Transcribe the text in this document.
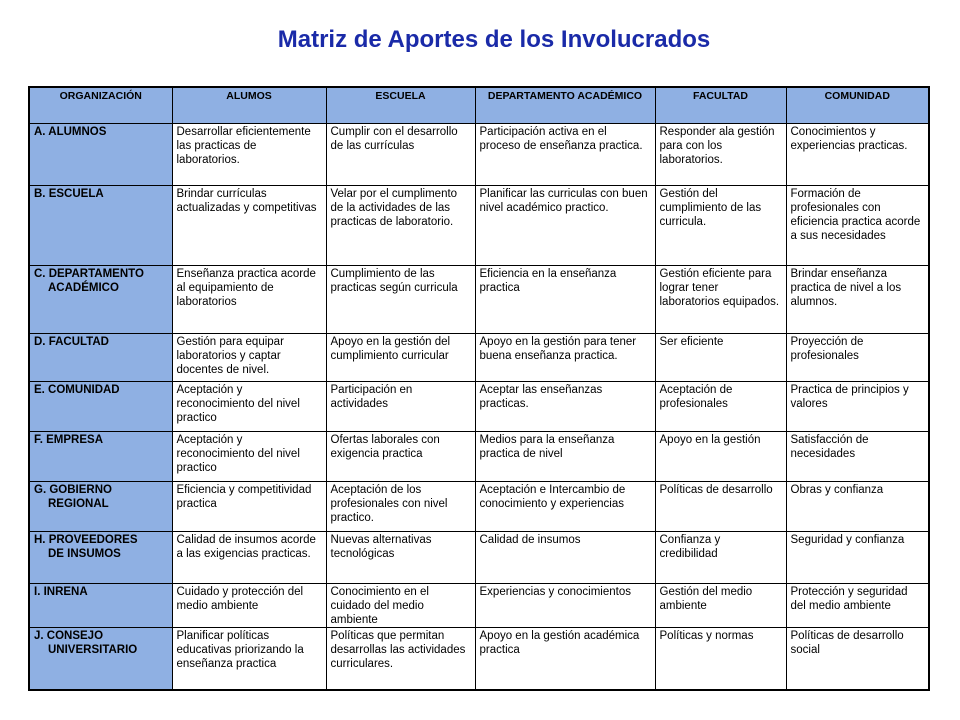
Matriz de Aportes de los Involucrados
ORGANIZACIÓN	ALUMOS	ESCUELA	DEPARTAMENTO ACADÉMICO	FACULTAD	COMUNIDAD
A. ALUMNOS	Desarrollar eficientemente las practicas de laboratorios.	Cumplir con el desarrollo de las currículas	Participación activa en el proceso de enseñanza practica.	Responder ala gestión para con los laboratorios.	Conocimientos y experiencias practicas.
B. ESCUELA	Brindar currículas actualizadas y competitivas	Velar por el cumplimento de la actividades de las practicas de laboratorio.	Planificar las curriculas con buen nivel académico practico.	Gestión del cumplimiento de las curricula.	Formación de profesionales con eficiencia practica acorde a sus necesidades
C. DEPARTAMENTO
ACADÉMICO	Enseñanza practica acorde al equipamiento de laboratorios	Cumplimiento de las practicas según curricula	Eficiencia en la enseñanza practica	Gestión eficiente para lograr tener laboratorios equipados.	Brindar enseñanza practica de nivel a los alumnos.
D. FACULTAD	Gestión para equipar laboratorios y captar docentes de nivel.	Apoyo en la gestión del cumplimiento curricular	Apoyo en la gestión para tener buena enseñanza practica.	Ser eficiente	Proyección de profesionales
E. COMUNIDAD	Aceptación y reconocimiento del nivel practico	Participación en actividades	Aceptar las enseñanzas practicas.	Aceptación de profesionales	Practica de principios y valores
F. EMPRESA	Aceptación y reconocimiento del nivel practico	Ofertas laborales con exigencia practica	Medios para la enseñanza practica de nivel	Apoyo en la gestión	Satisfacción de necesidades
G. GOBIERNO
REGIONAL	Eficiencia y competitividad practica	Aceptación de los profesionales con nivel practico.	Aceptación e Intercambio de conocimiento y experiencias	Políticas de desarrollo	Obras y confianza
H. PROVEEDORES
DE INSUMOS	Calidad de insumos acorde a las exigencias practicas.	Nuevas alternativas tecnológicas	Calidad de insumos	Confianza y credibilidad	Seguridad y confianza
I. INRENA	Cuidado y protección del medio ambiente	Conocimiento en el cuidado del medio ambiente	Experiencias y conocimientos	Gestión del medio ambiente	Protección y seguridad del medio ambiente
J. CONSEJO
UNIVERSITARIO	Planificar políticas educativas priorizando la enseñanza practica	Políticas que permitan desarrollas las actividades curriculares.	Apoyo en la gestión académica practica	Políticas y normas	Políticas de desarrollo social
